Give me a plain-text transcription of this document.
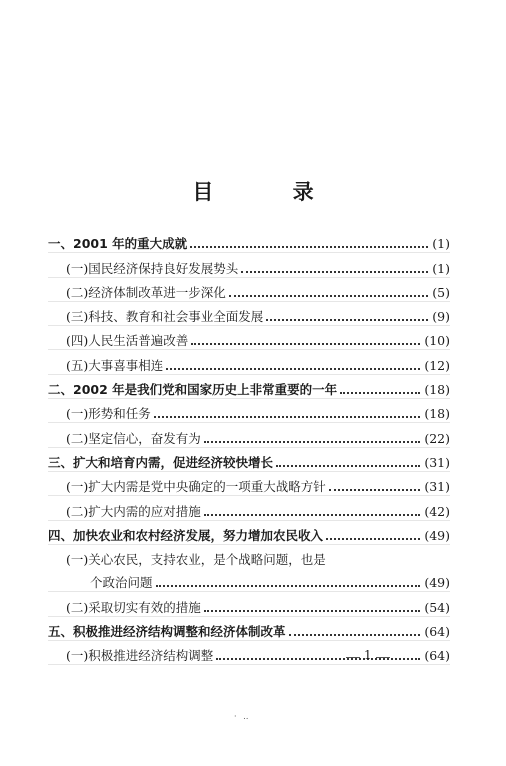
目 录
一、2001 年的重大成就	(1)
(一)国民经济保持良好发展势头	(1)
(二)经济体制改革进一步深化	(5)
(三)科技、教育和社会事业全面发展	(9)
(四)人民生活普遍改善	(10)
(五)大事喜事相连	(12)
二、2002 年是我们党和国家历史上非常重要的一年	(18)
(一)形势和任务	(18)
(二)坚定信心，奋发有为	(22)
三、扩大和培育内需，促进经济较快增长	(31)
(一)扩大内需是党中央确定的一项重大战略方针	(31)
(二)扩大内需的应对措施	(42)
四、加快农业和农村经济发展，努力增加农民收入	(49)
(一)关心农民，支持农业，是个战略问题，也是
个政治问题	(49)
(二)采取切实有效的措施	(54)
五、积极推进经济结构调整和经济体制改革	(64)
(一)积极推进经济结构调整	(64)
1
· ‥
